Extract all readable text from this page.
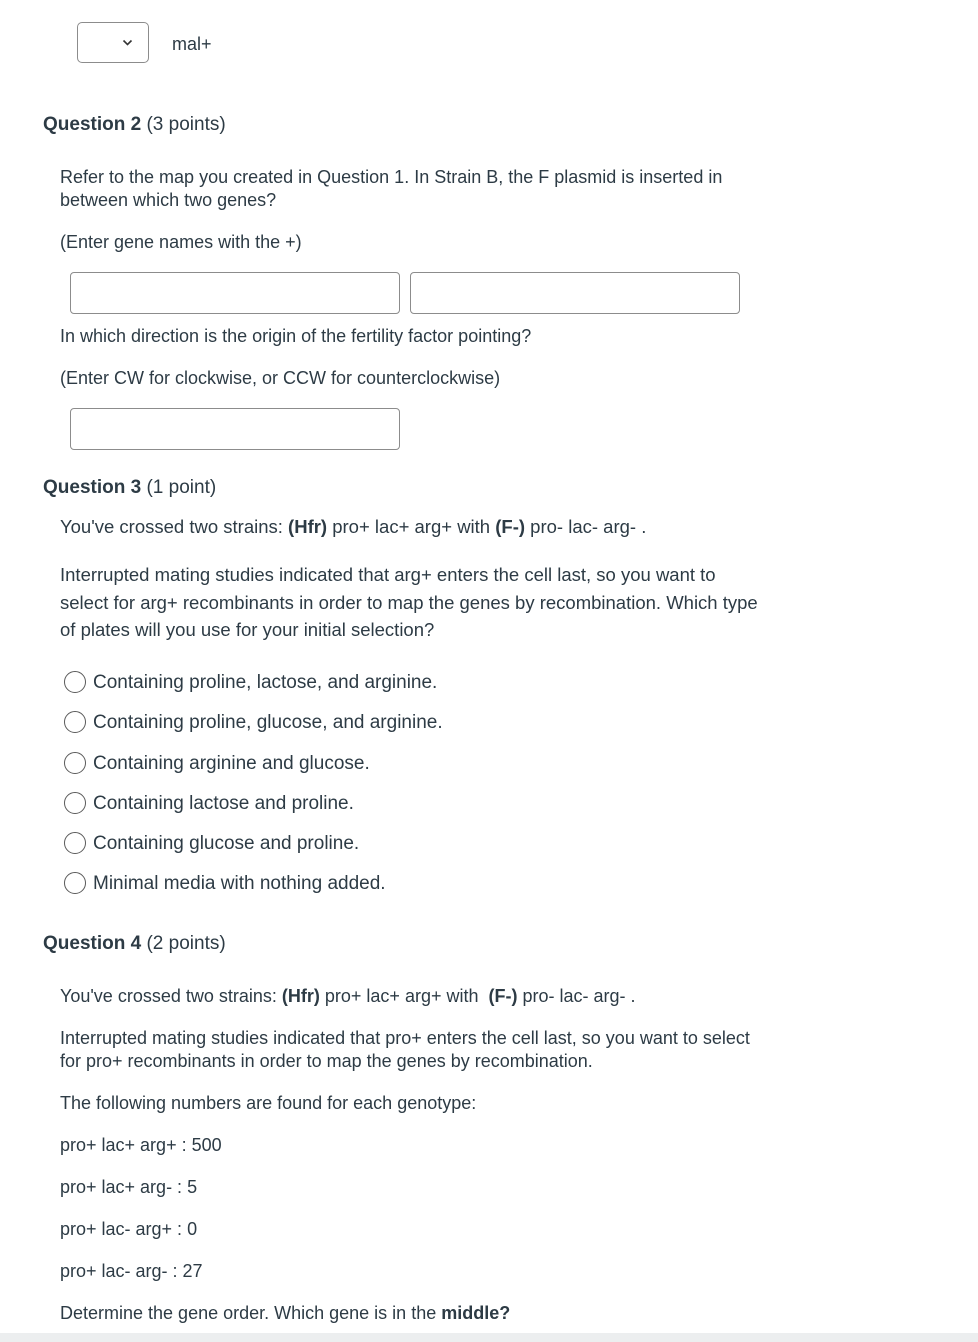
mal+
Question 2 (3 points)
Refer to the map you created in Question 1. In Strain B, the F plasmid is inserted in between which two genes?
(Enter gene names with the +)
In which direction is the origin of the fertility factor pointing?
(Enter CW for clockwise, or CCW for counterclockwise)
Question 3 (1 point)
You've crossed two strains: (Hfr) pro+ lac+ arg+ with (F-) pro- lac- arg- .
Interrupted mating studies indicated that arg+ enters the cell last, so you want to select for arg+ recombinants in order to map the genes by recombination. Which type of plates will you use for your initial selection?
Containing proline, lactose, and arginine.
Containing proline, glucose, and arginine.
Containing arginine and glucose.
Containing lactose and proline.
Containing glucose and proline.
Minimal media with nothing added.
Question 4 (2 points)
You've crossed two strains: (Hfr) pro+ lac+ arg+ with  (F-) pro- lac- arg- .
Interrupted mating studies indicated that pro+ enters the cell last, so you want to select for pro+ recombinants in order to map the genes by recombination.
The following numbers are found for each genotype:
pro+ lac+ arg+ : 500
pro+ lac+ arg- : 5
pro+ lac- arg+ : 0
pro+ lac- arg- : 27
Determine the gene order. Which gene is in the middle?
